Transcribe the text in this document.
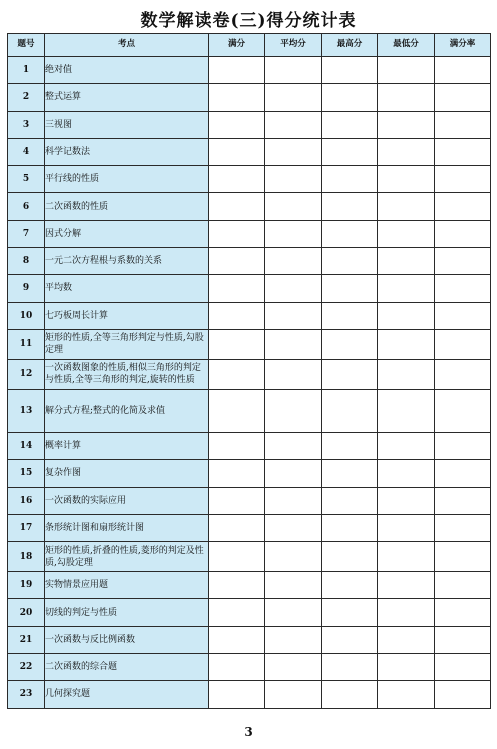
数学解读卷(三)得分统计表
题号	考点	满分	平均分	最高分	最低分	满分率
1	绝对值					
2	整式运算					
3	三视图					
4	科学记数法					
5	平行线的性质					
6	二次函数的性质					
7	因式分解					
8	一元二次方程根与系数的关系					
9	平均数					
10	七巧板周长计算					
11	矩形的性质,全等三角形判定与性质,勾股定理					
12	一次函数图象的性质,相似三角形的判定与性质,全等三角形的判定,旋转的性质					
13	解分式方程;整式的化简及求值					
14	概率计算					
15	复杂作图					
16	一次函数的实际应用					
17	条形统计图和扇形统计图					
18	矩形的性质,折叠的性质,菱形的判定及性质,勾股定理					
19	实物情景应用题					
20	切线的判定与性质					
21	一次函数与反比例函数					
22	二次函数的综合题					
23	几何探究题					
3
